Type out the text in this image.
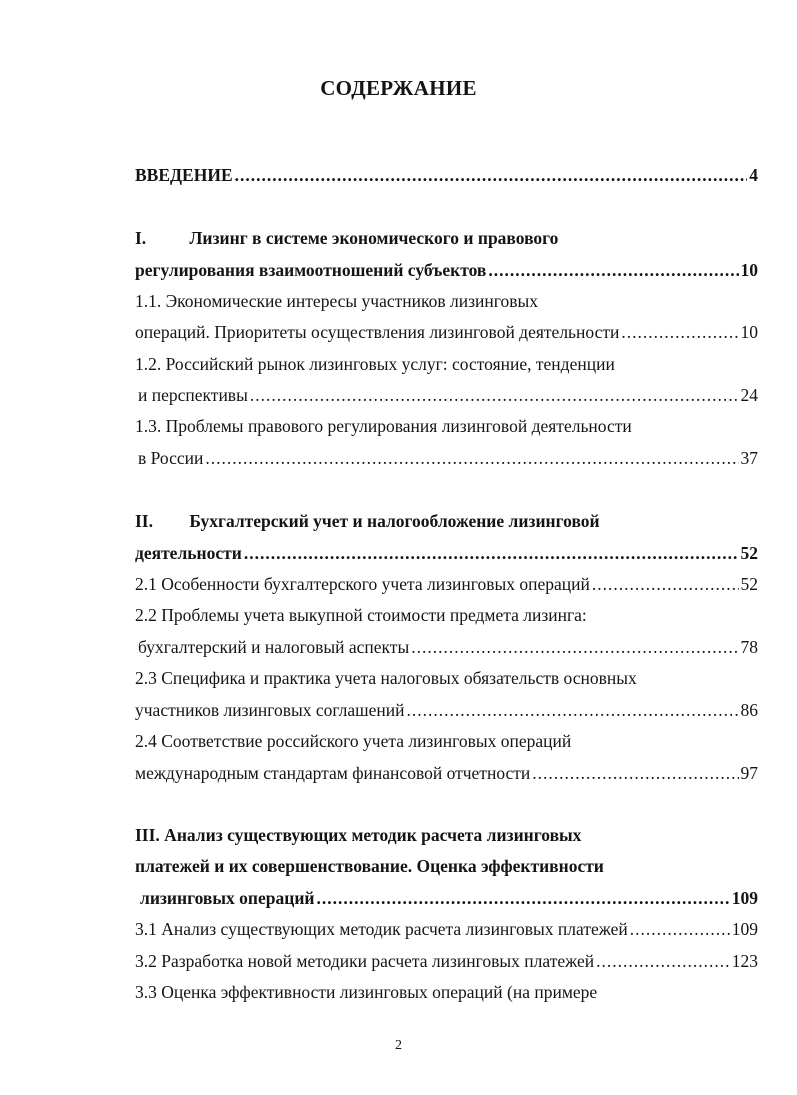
СОДЕРЖАНИЕ
ВВЕДЕНИЕ .....	4
I. Лизинг в системе экономического и правового
регулирования взаимоотношений субъектов .....	10
1.1. Экономические интересы участников лизинговых
операций. Приоритеты осуществления лизинговой деятельности .....	10
1.2. Российский рынок лизинговых услуг: состояние, тенденции
и перспективы .....	24
1.3. Проблемы правового регулирования лизинговой деятельности
в России .....	37
II. Бухгалтерский учет и налогообложение лизинговой
деятельности .....	52
2.1 Особенности бухгалтерского учета лизинговых операций .....	52
2.2 Проблемы учета выкупной стоимости предмета лизинга:
бухгалтерский и налоговый аспекты .....	78
2.3 Специфика и практика учета налоговых обязательств основных
участников лизинговых соглашений .....	86
2.4 Соответствие российского учета лизинговых операций
международным стандартам финансовой отчетности .....	97
III. Анализ существующих методик расчета лизинговых
платежей и их совершенствование. Оценка эффективности
лизинговых операций .....	109
3.1 Анализ существующих методик расчета лизинговых платежей .....	109
3.2 Разработка новой методики расчета лизинговых платежей .....	123
3.3 Оценка эффективности лизинговых операций (на примере
2
